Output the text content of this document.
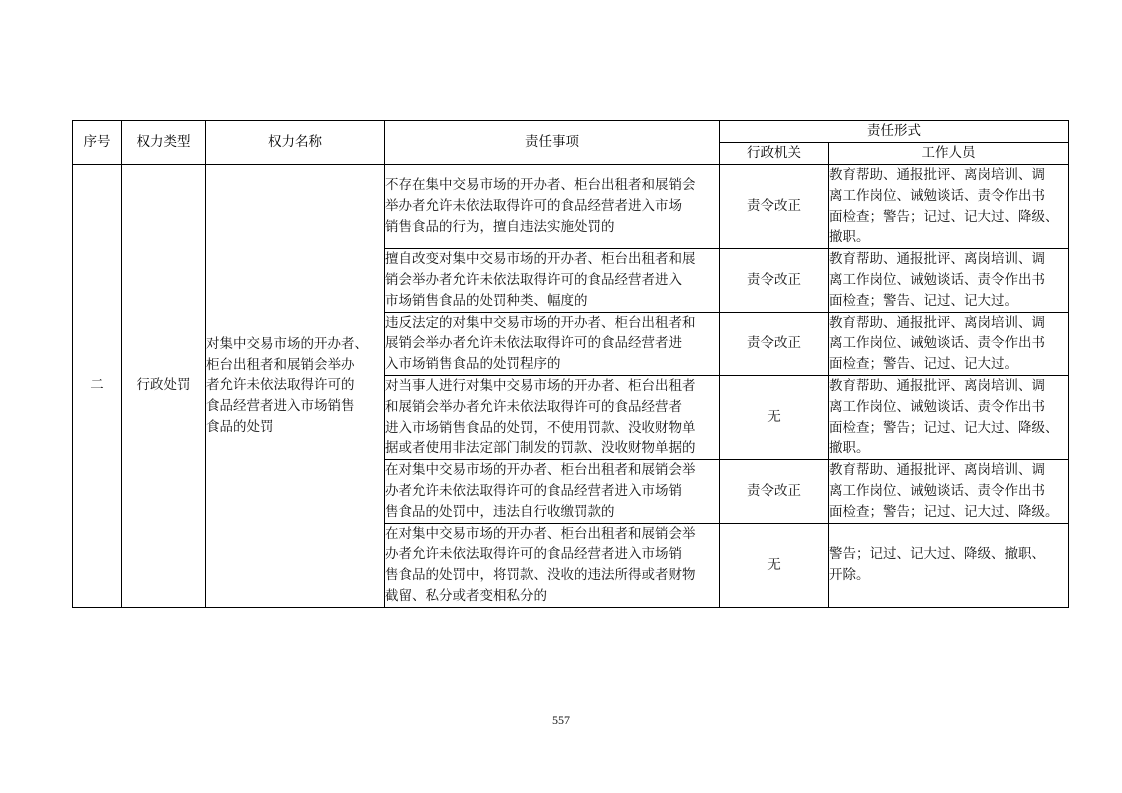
序号	权力类型	权力名称	责任事项	责任形式	
				行政机关	工作人员
二	行政处罚	对集中交易市场的开办者、
柜台出租者和展销会举办
者允许未依法取得许可的
食品经营者进入市场销售
食品的处罚	不存在集中交易市场的开办者、柜台出租者和展销会
举办者允许未依法取得许可的食品经营者进入市场
销售食品的行为，擅自违法实施处罚的	责令改正	教育帮助、通报批评、离岗培训、调
离工作岗位、诫勉谈话、责令作出书
面检查；警告；记过、记大过、降级、
撤职。
			擅自改变对集中交易市场的开办者、柜台出租者和展
销会举办者允许未依法取得许可的食品经营者进入
市场销售食品的处罚种类、幅度的	责令改正	教育帮助、通报批评、离岗培训、调
离工作岗位、诫勉谈话、责令作出书
面检查；警告、记过、记大过。
			违反法定的对集中交易市场的开办者、柜台出租者和
展销会举办者允许未依法取得许可的食品经营者进
入市场销售食品的处罚程序的	责令改正	教育帮助、通报批评、离岗培训、调
离工作岗位、诫勉谈话、责令作出书
面检查；警告、记过、记大过。
			对当事人进行对集中交易市场的开办者、柜台出租者
和展销会举办者允许未依法取得许可的食品经营者
进入市场销售食品的处罚，不使用罚款、没收财物单
据或者使用非法定部门制发的罚款、没收财物单据的	无	教育帮助、通报批评、离岗培训、调
离工作岗位、诫勉谈话、责令作出书
面检查；警告；记过、记大过、降级、
撤职。
			在对集中交易市场的开办者、柜台出租者和展销会举
办者允许未依法取得许可的食品经营者进入市场销
售食品的处罚中，违法自行收缴罚款的	责令改正	教育帮助、通报批评、离岗培训、调
离工作岗位、诫勉谈话、责令作出书
面检查；警告；记过、记大过、降级。
			在对集中交易市场的开办者、柜台出租者和展销会举
办者允许未依法取得许可的食品经营者进入市场销
售食品的处罚中，将罚款、没收的违法所得或者财物
截留、私分或者变相私分的	无	警告；记过、记大过、降级、撤职、
开除。
557
